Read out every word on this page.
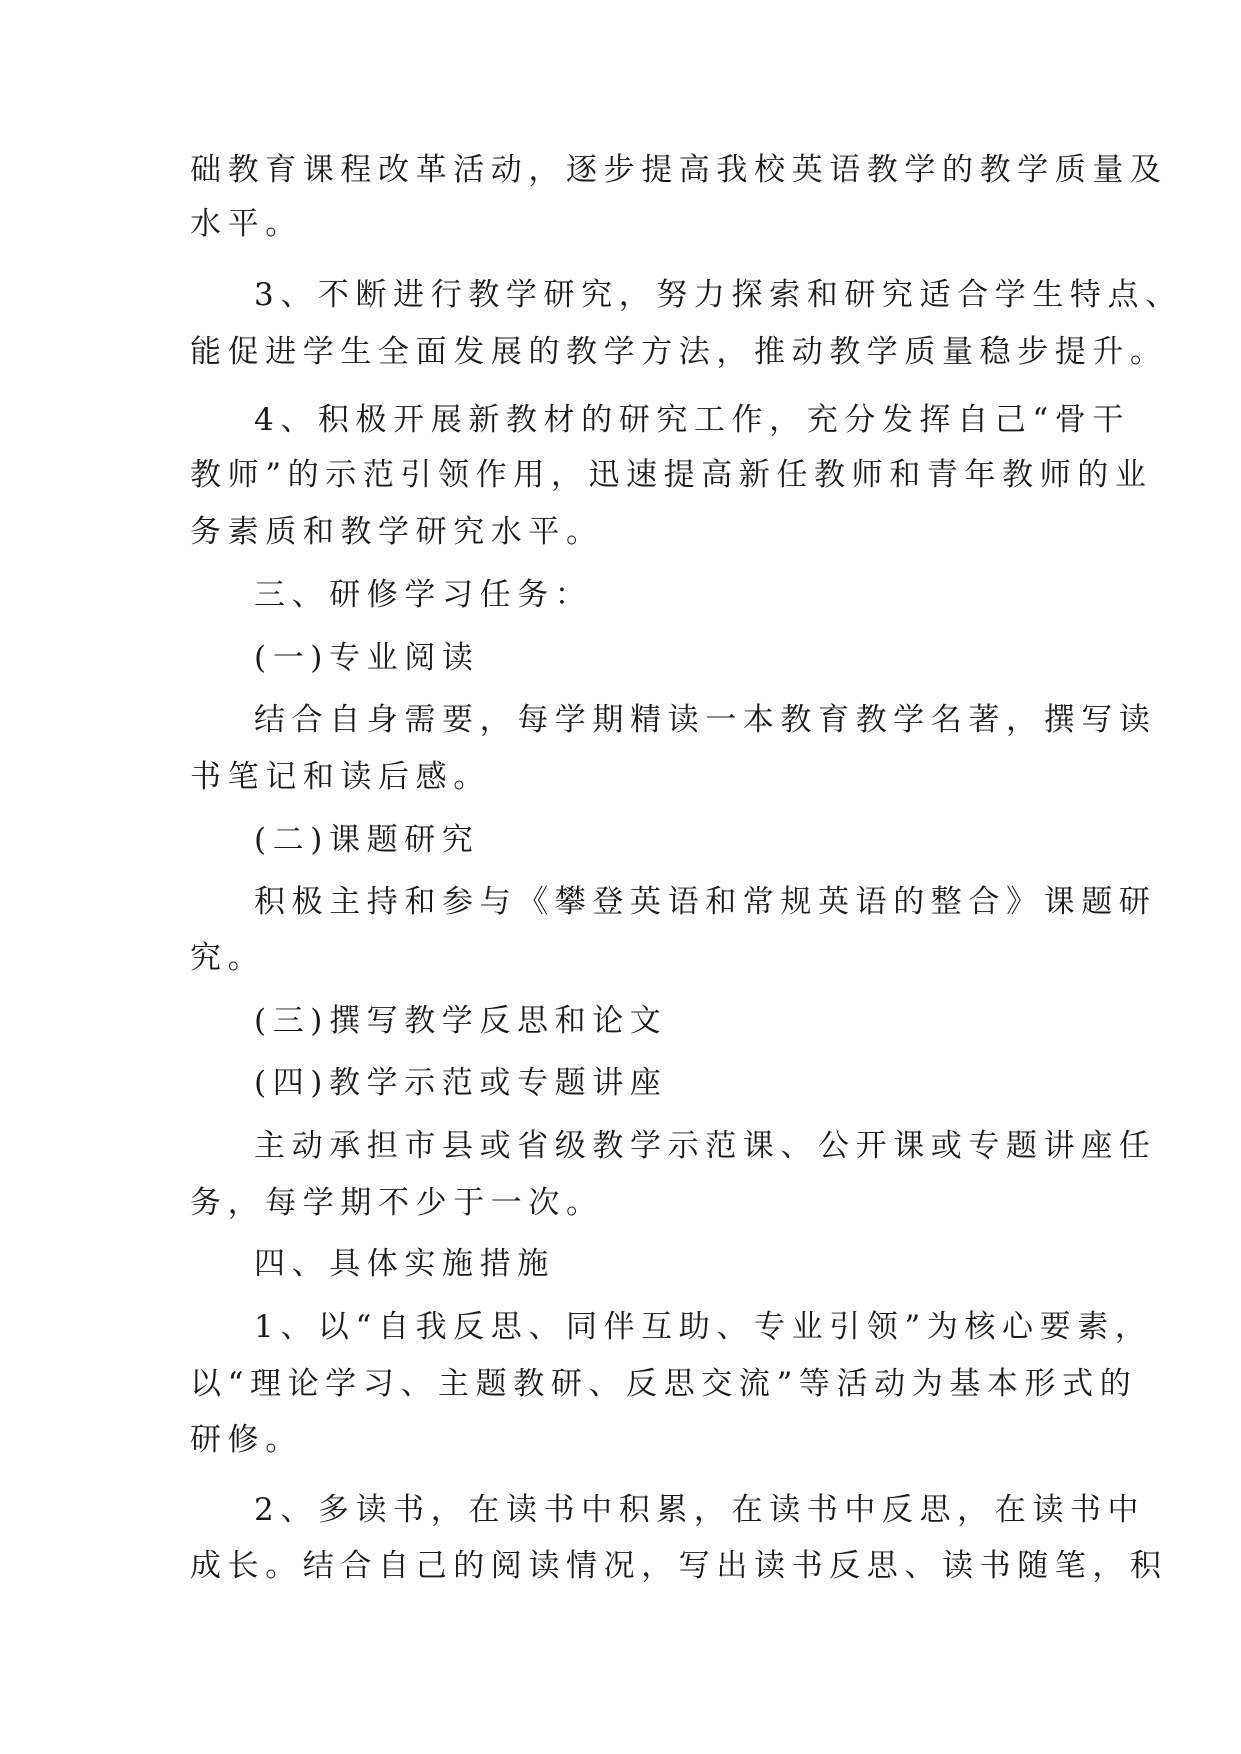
础教育课程改革活动，逐步提高我校英语教学的教学质量及
水平。
3、不断进行教学研究，努力探索和研究适合学生特点、
能促进学生全面发展的教学方法，推动教学质量稳步提升。
4、积极开展新教材的研究工作，充分发挥自己“骨干
教师”的示范引领作用，迅速提高新任教师和青年教师的业
务素质和教学研究水平。
三、研修学习任务：
(一)专业阅读
结合自身需要，每学期精读一本教育教学名著，撰写读
书笔记和读后感。
(二)课题研究
积极主持和参与《攀登英语和常规英语的整合》课题研
究。
(三)撰写教学反思和论文
(四)教学示范或专题讲座
主动承担市县或省级教学示范课、公开课或专题讲座任
务，每学期不少于一次。
四、具体实施措施
1、以“自我反思、同伴互助、专业引领”为核心要素，
以“理论学习、主题教研、反思交流”等活动为基本形式的
研修。
2、多读书，在读书中积累，在读书中反思，在读书中
成长。结合自己的阅读情况，写出读书反思、读书随笔，积
